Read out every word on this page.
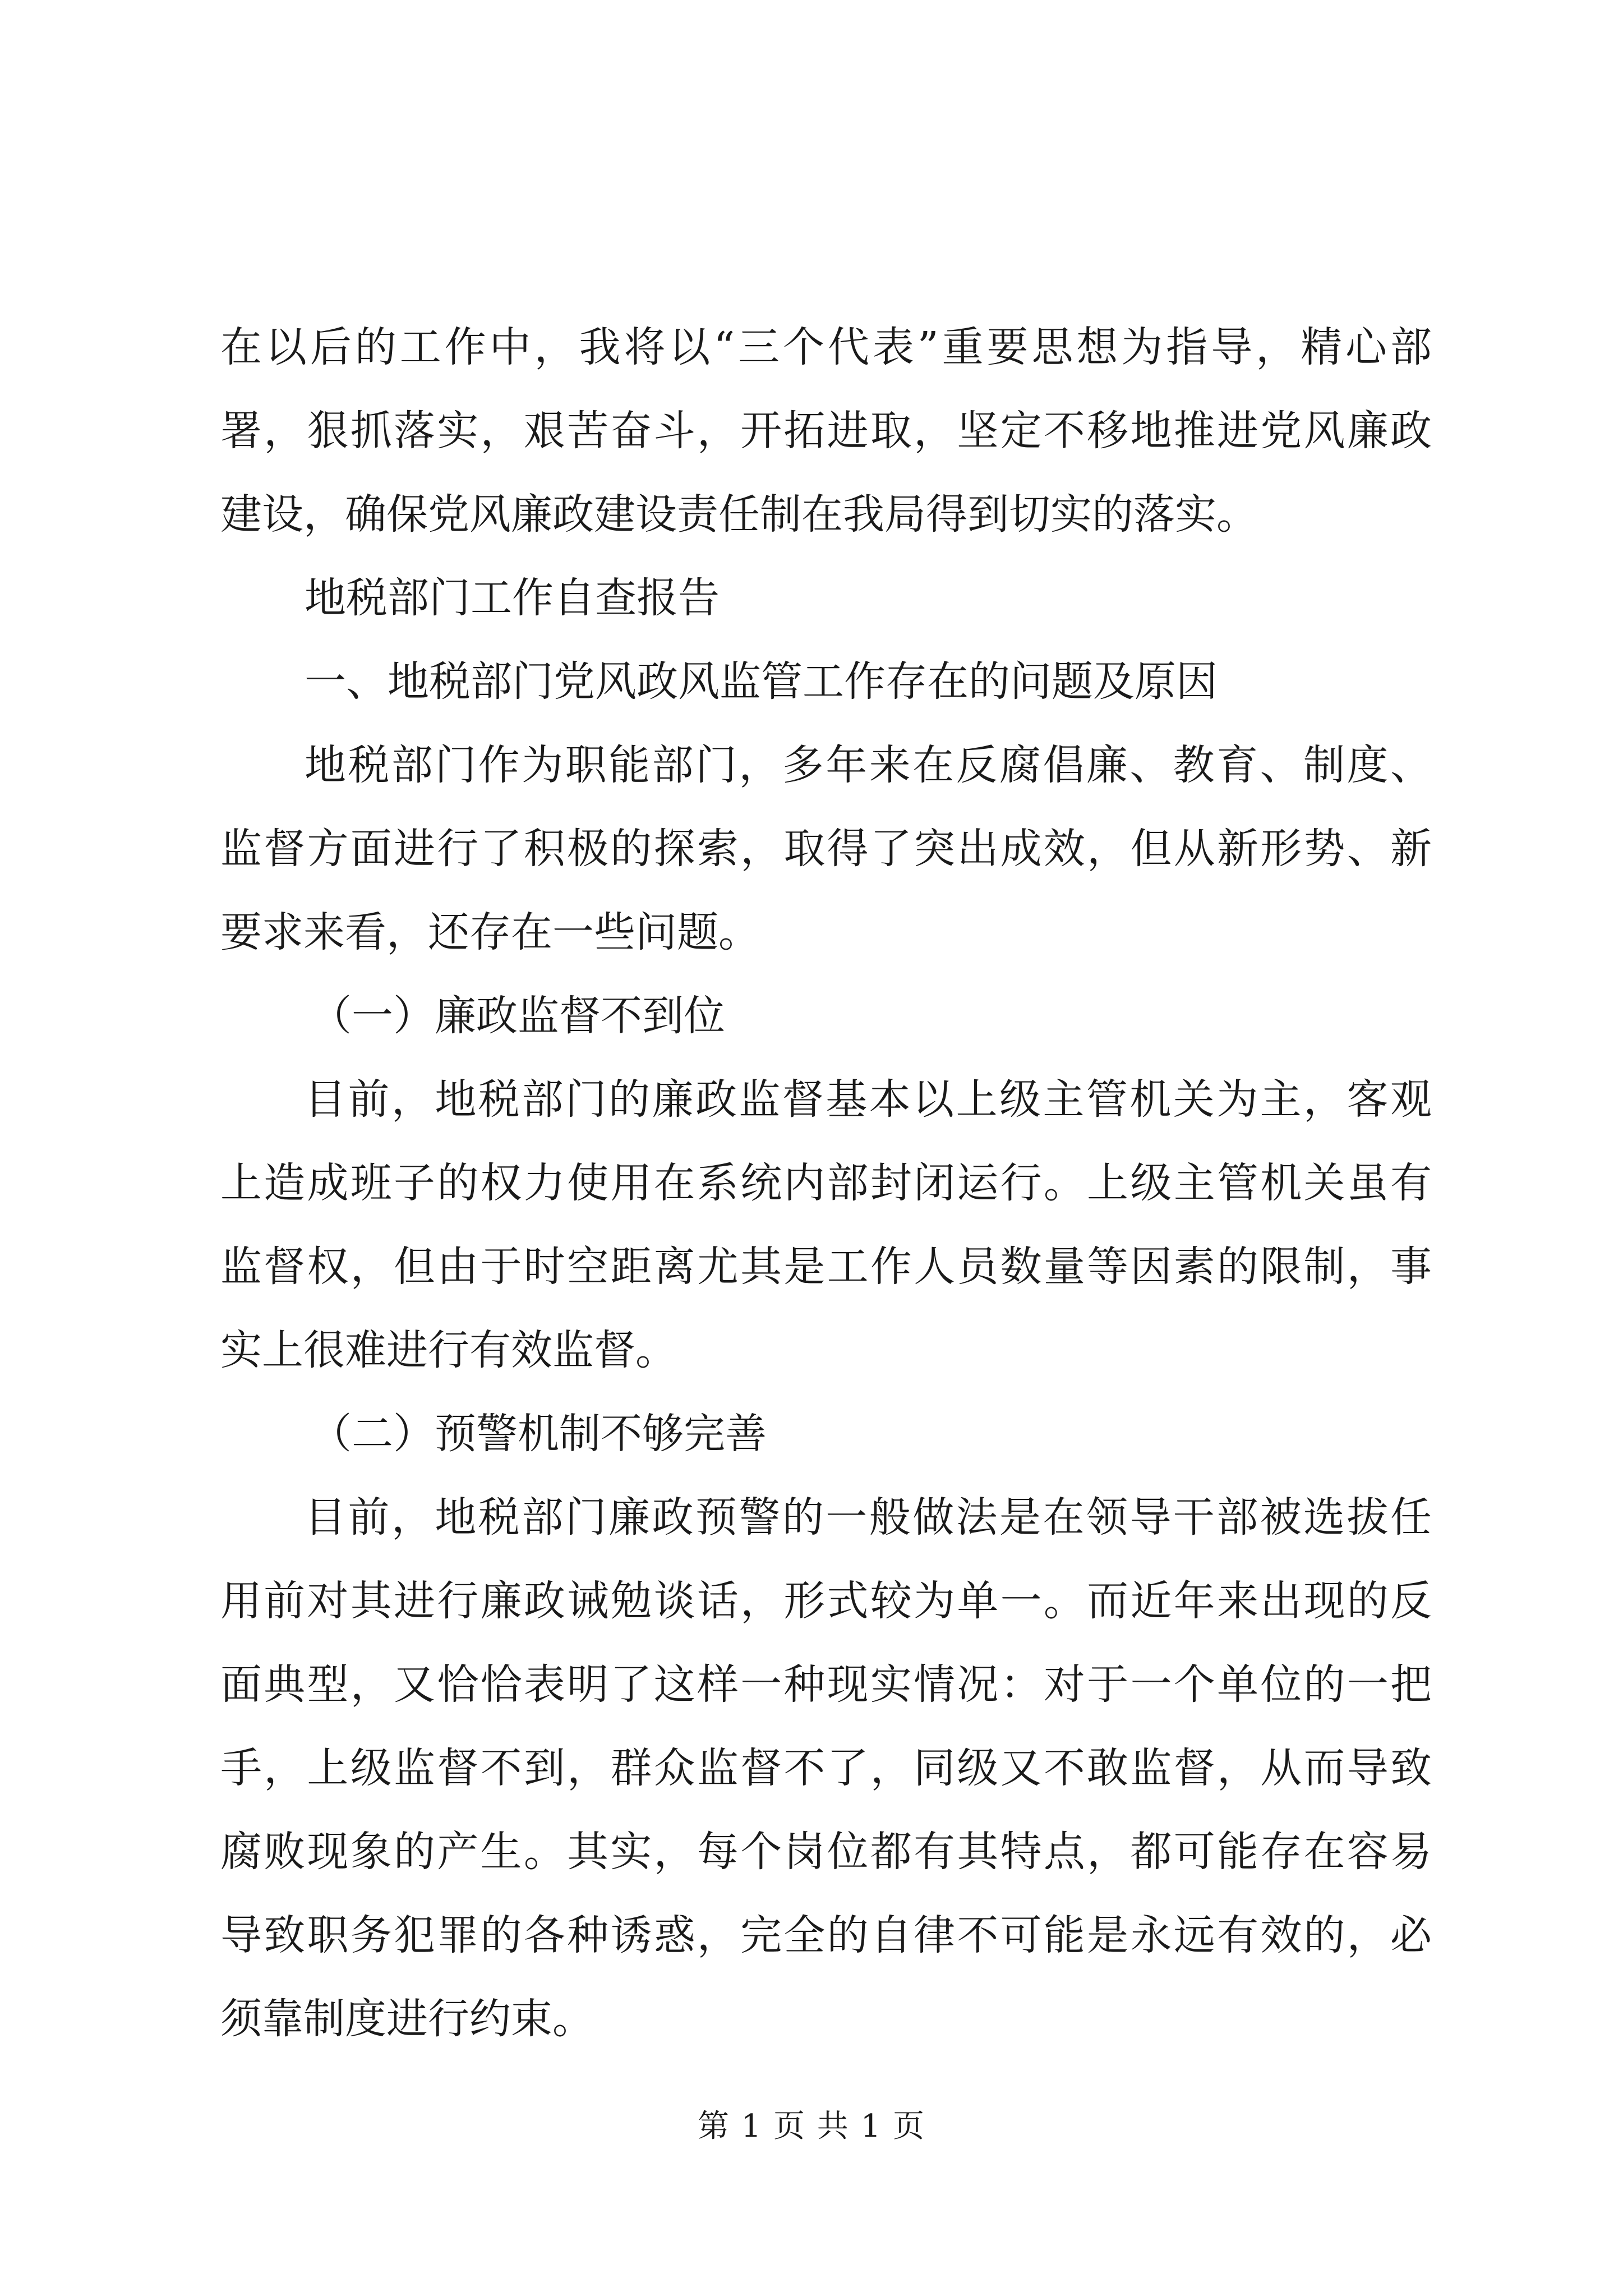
在以后的工作中，我将以“三个代表”重要思想为指导，精心部
署，狠抓落实，艰苦奋斗，开拓进取，坚定不移地推进党风廉政
建设，确保党风廉政建设责任制在我局得到切实的落实。
地税部门工作自查报告
一、地税部门党风政风监管工作存在的问题及原因
地税部门作为职能部门，多年来在反腐倡廉、教育、制度、
监督方面进行了积极的探索，取得了突出成效，但从新形势、新
要求来看，还存在一些问题。
（一）廉政监督不到位
目前，地税部门的廉政监督基本以上级主管机关为主，客观
上造成班子的权力使用在系统内部封闭运行。上级主管机关虽有
监督权，但由于时空距离尤其是工作人员数量等因素的限制，事
实上很难进行有效监督。
（二）预警机制不够完善
目前，地税部门廉政预警的一般做法是在领导干部被选拔任
用前对其进行廉政诫勉谈话，形式较为单一。而近年来出现的反
面典型，又恰恰表明了这样一种现实情况：对于一个单位的一把
手，上级监督不到，群众监督不了，同级又不敢监督，从而导致
腐败现象的产生。其实，每个岗位都有其特点，都可能存在容易
导致职务犯罪的各种诱惑，完全的自律不可能是永远有效的，必
须靠制度进行约束。
第 1 页 共 1 页
